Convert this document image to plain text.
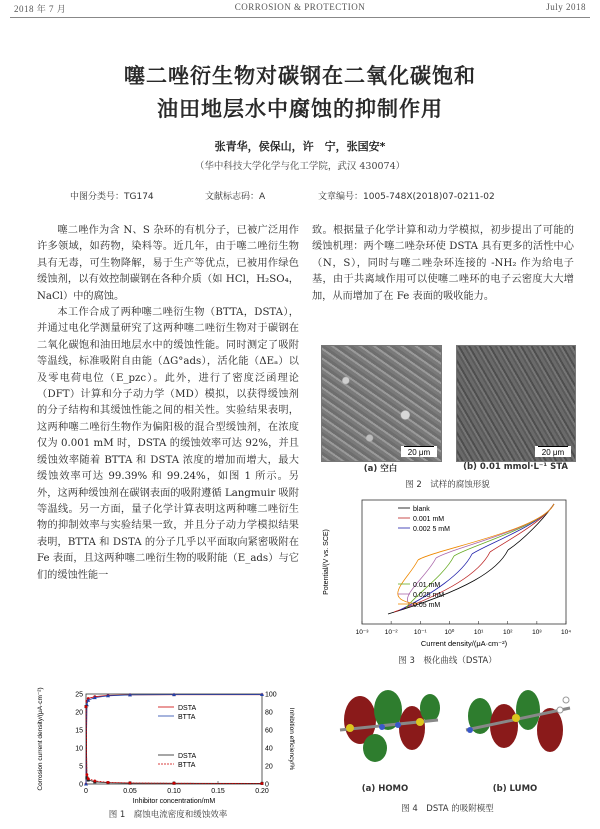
2018 年 7 月	CORROSION & PROTECTION	July 2018
噻二唑衍生物对碳钢在二氧化碳饱和
油田地层水中腐蚀的抑制作用
张青华，侯保山，许　宁，张国安*
（华中科技大学化学与化工学院，武汉 430074）
中图分类号：TG174	文献标志码：A	文章编号：1005-748X(2018)07-0211-02

噻二唑作为含 N、S 杂环的有机分子，已被广泛用作许多领域，如药物，染料等。近几年，由于噻二唑衍生物具有无毒，可生物降解，易于生产等优点，已被用作绿色缓蚀剂，以有效控制碳钢在各种介质（如 HCl，H₂SO₄，NaCl）中的腐蚀。

本工作合成了两种噻二唑衍生物（BTTA，DSTA），并通过电化学测量研究了这两种噻二唑衍生物对于碳钢在二氧化碳饱和油田地层水中的缓蚀性能。同时测定了吸附等温线，标准吸附自由能（ΔG°ads），活化能（ΔEₐ）以及零电荷电位（E_pzc）。此外，进行了密度泛函理论（DFT）计算和分子动力学（MD）模拟，以获得缓蚀剂的分子结构和其缓蚀性能之间的相关性。实验结果表明，这两种噻二唑衍生物作为偏阳极的混合型缓蚀剂，在浓度仅为 0.001 mM 时，DSTA 的缓蚀效率可达 92%，并且缓蚀效率随着 BTTA 和 DSTA 浓度的增加而增大，最大缓蚀效率可达 99.39% 和 99.24%，如图 1 所示。另外，这两种缓蚀剂在碳钢表面的吸附遵循 Langmuir 吸附等温线。另一方面，量子化学计算表明这两种噻二唑衍生物的抑制效率与实验结果一致，并且分子动力学模拟结果表明，BTTA 和 DSTA 的分子几乎以平面取向紧密吸附在 Fe 表面，且这两种噻二唑衍生物的吸附能（E_ads）与它们的缓蚀性能一

致。根据量子化学计算和动力学模拟，初步提出了可能的缓蚀机理：两个噻二唑杂环使 DSTA 具有更多的活性中心（N，S），同时与噻二唑杂环连接的 -NH₂ 作为给电子基，由于共离域作用可以使噻二唑环的电子云密度大大增加，从而增加了在 Fe 表面的吸收能力。

20 μm	20 μm
(a) 空白	(b) 0.01 mmol·L⁻¹ STA
图 2　试样的腐蚀形貌
Potential/(V vs. SCE)
Current density/(μA·cm⁻²)
10⁻³	10⁻²	10⁻¹	10⁰	10¹	10²	10³	10⁴
blank
0.001 mM
0.002 5 mM
0.01 mM
0.025 mM
0.05 mM
图 3　极化曲线（DSTA）
Corrosion current density/(μA·cm⁻²)	Inhibition efficiency/%
Inhibitor concentration/mM
0	0.05	0.10	0.15	0.20
0
5
10
15
20
25
0
20
40
60
80
100
DSTA
BTTA
DSTA
BTTA
图 1　腐蚀电流密度和缓蚀效率
(a) HOMO	(b) LUMO
图 4　DSTA 的吸附模型
